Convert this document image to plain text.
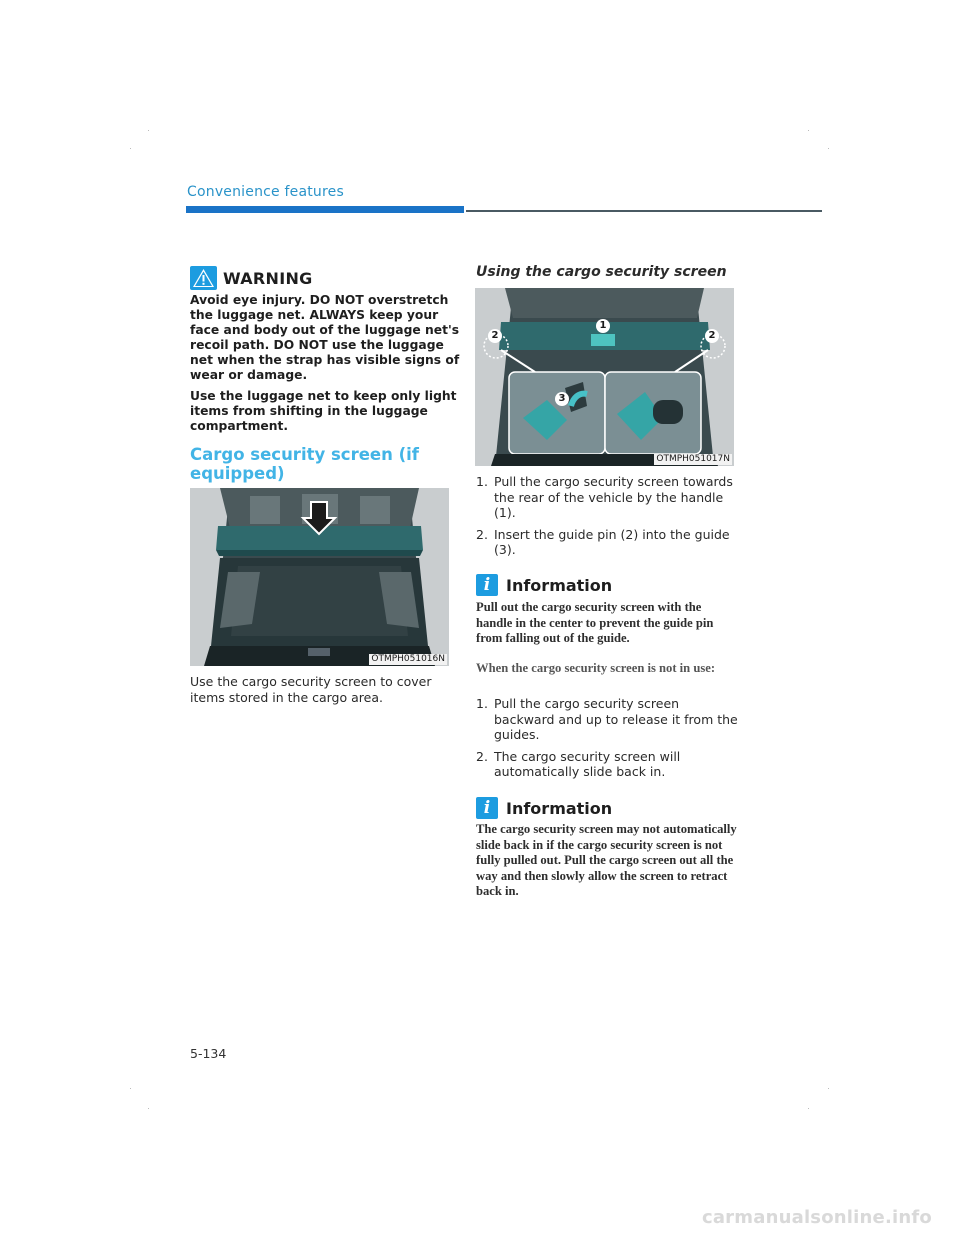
Convenience features
WARNING

Avoid eye injury. DO NOT overstretch the luggage net. ALWAYS keep your face and body out of the luggage net's recoil path. DO NOT use the luggage net when the strap has visible signs of wear or damage.

Use the luggage net to keep only light items from shifting in the luggage compartment.

Cargo security screen (if equipped)
OTMPH051016N
Use the cargo security screen to cover items stored in the cargo area.
Using the cargo security screen
1
2	2
3
OTMPH051017N
1. Pull the cargo security screen towards the rear of the vehicle by the handle (1).
2. Insert the guide pin (2) into the guide (3).
i Information
Pull out the cargo security screen with the handle in the center to prevent the guide pin from falling out of the guide.
When the cargo security screen is not in use:
1. Pull the cargo security screen backward and up to release it from the guides.
2. The cargo security screen will automatically slide back in.
i Information
The cargo security screen may not automatically slide back in if the cargo security screen is not fully pulled out. Pull the cargo screen out all the way and then slowly allow the screen to retract back in.
5-134
carmanualsonline.info
